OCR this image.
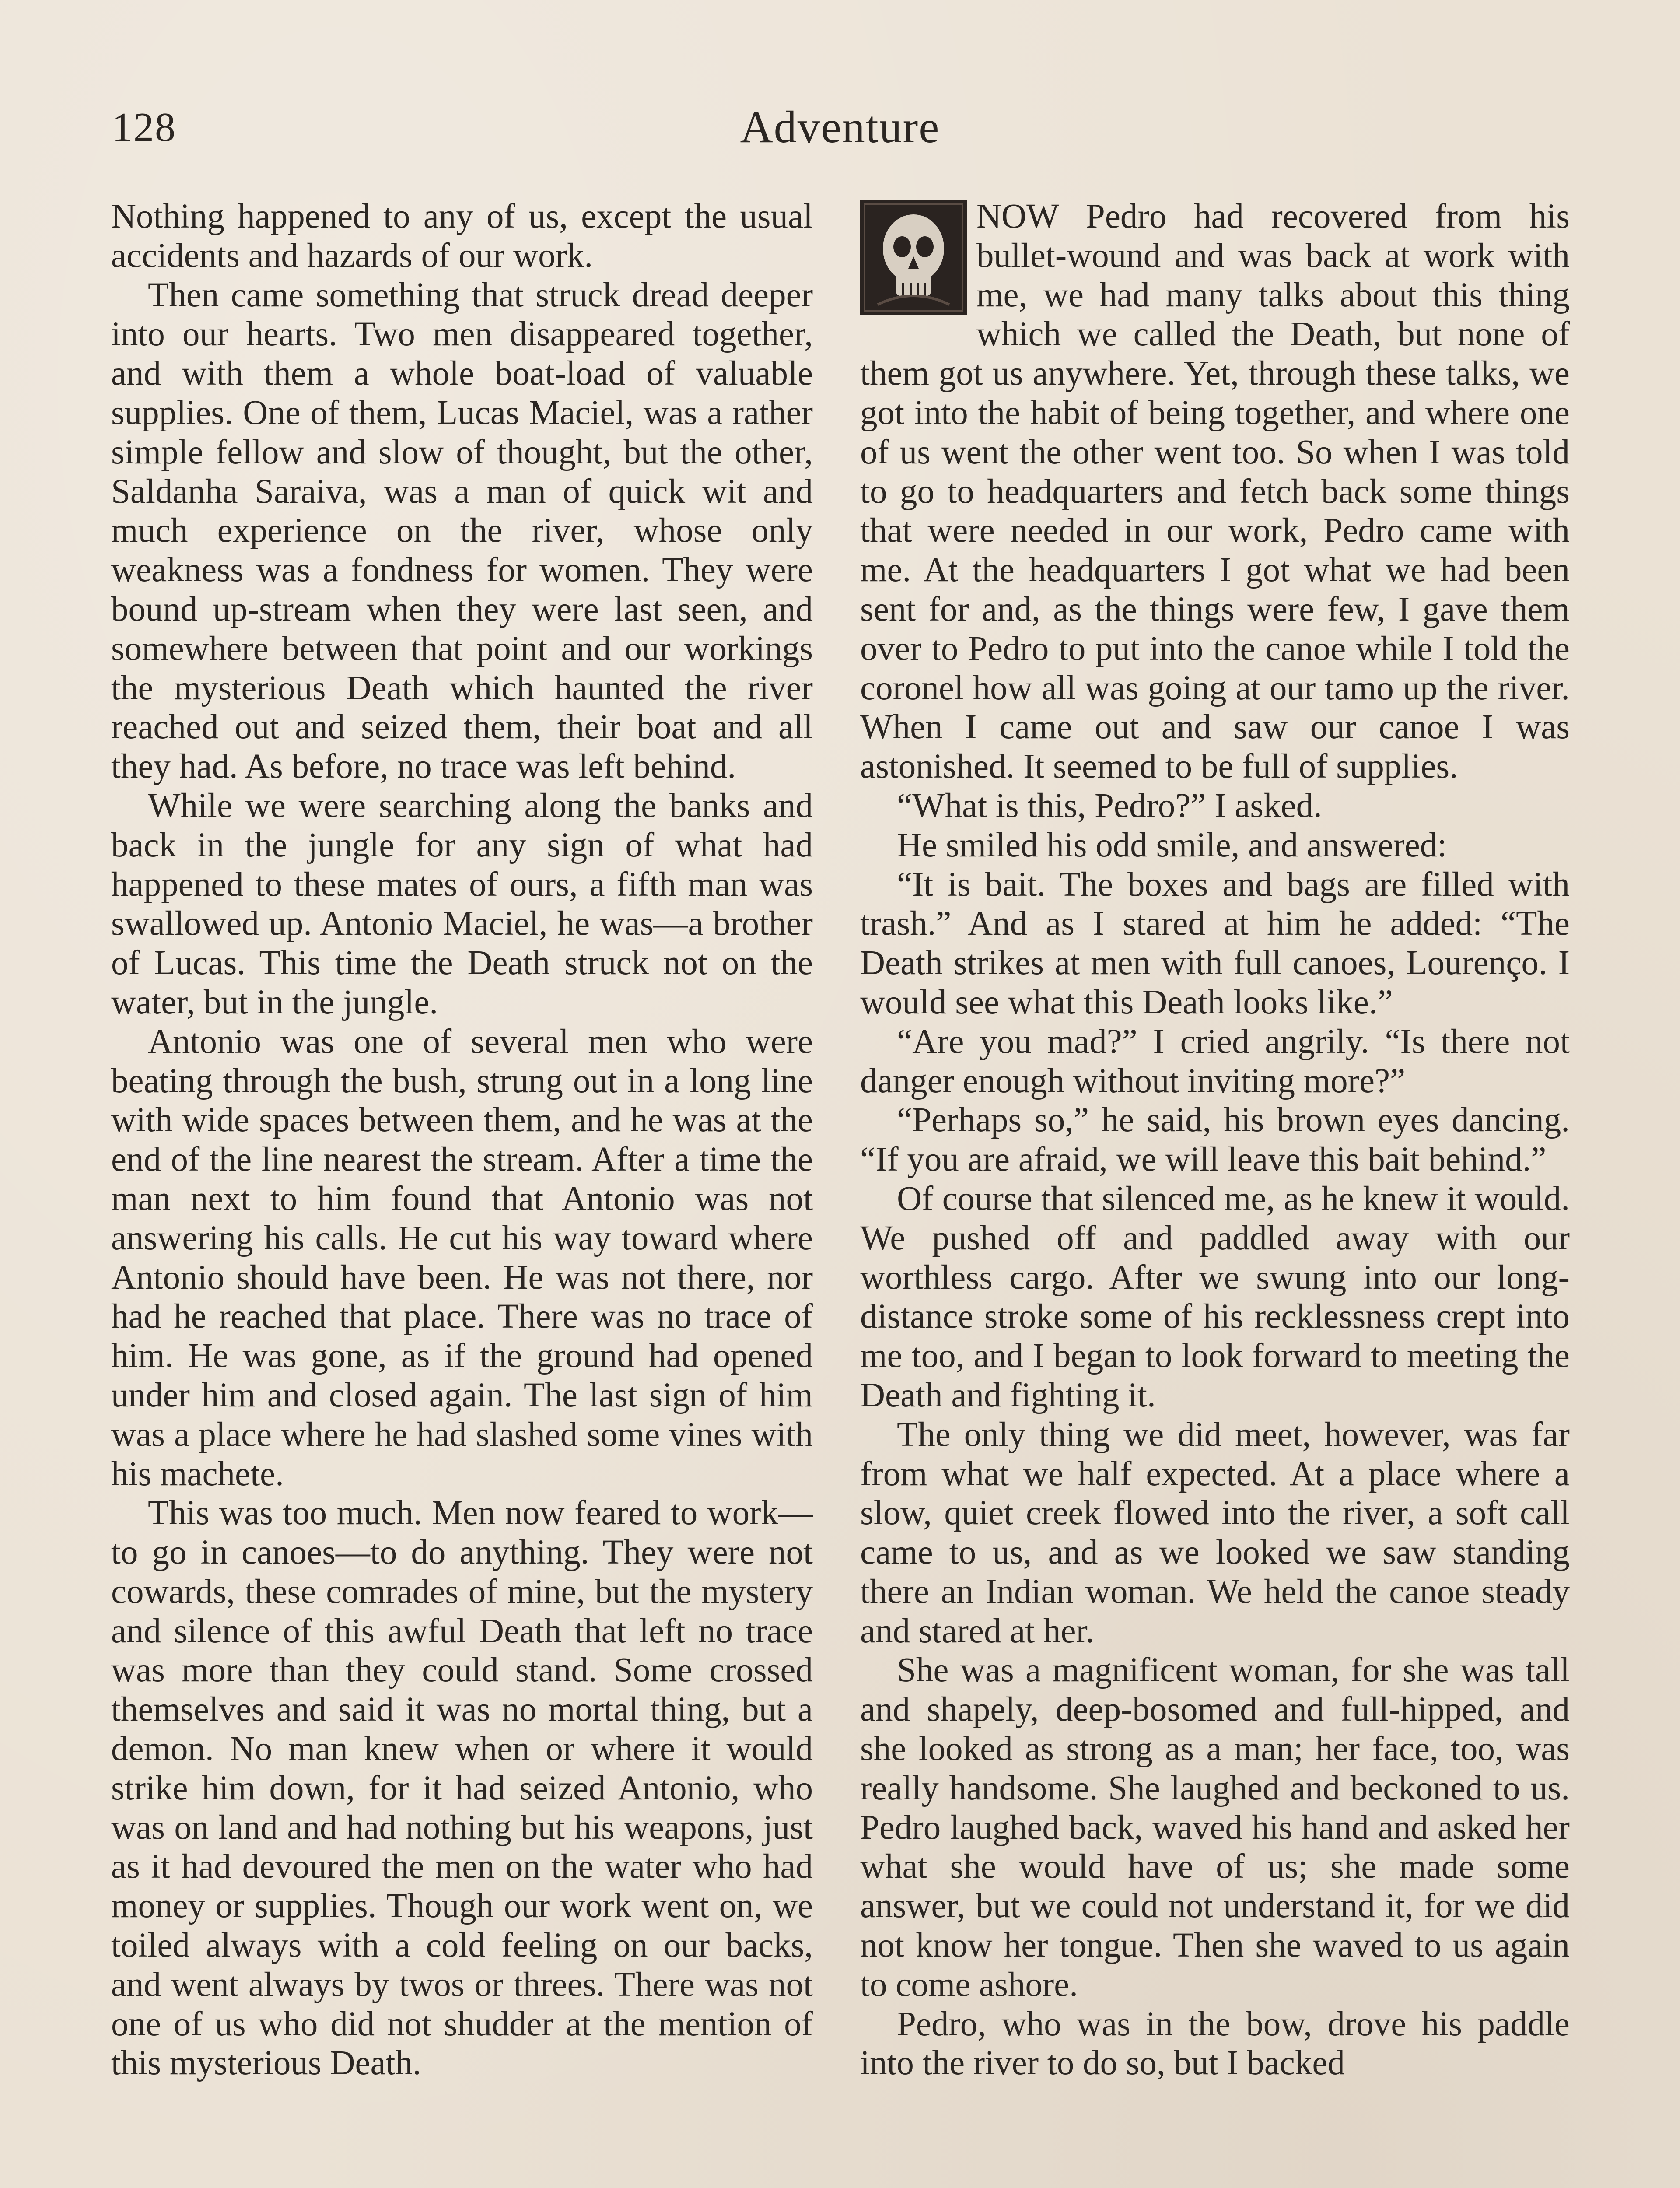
128	Adventure

Nothing happened to any of us, except the usual accidents and hazards of our work.

Then came something that struck dread deeper into our hearts. Two men disappeared together, and with them a whole boat-load of valuable supplies. One of them, Lucas Maciel, was a rather simple fellow and slow of thought, but the other, Saldanha Saraiva, was a man of quick wit and much experience on the river, whose only weakness was a fondness for women. They were bound up-stream when they were last seen, and somewhere between that point and our workings the mysterious Death which haunted the river reached out and seized them, their boat and all they had. As before, no trace was left behind.

While we were searching along the banks and back in the jungle for any sign of what had happened to these mates of ours, a fifth man was swallowed up. Antonio Maciel, he was—a brother of Lucas. This time the Death struck not on the water, but in the jungle.

Antonio was one of several men who were beating through the bush, strung out in a long line with wide spaces between them, and he was at the end of the line nearest the stream. After a time the man next to him found that Antonio was not answering his calls. He cut his way toward where Antonio should have been. He was not there, nor had he reached that place. There was no trace of him. He was gone, as if the ground had opened under him and closed again. The last sign of him was a place where he had slashed some vines with his machete.

This was too much. Men now feared to work—to go in canoes—to do anything. They were not cowards, these comrades of mine, but the mystery and silence of this awful Death that left no trace was more than they could stand. Some crossed themselves and said it was no mortal thing, but a demon. No man knew when or where it would strike him down, for it had seized Antonio, who was on land and had nothing but his weapons, just as it had devoured the men on the water who had money or supplies. Though our work went on, we toiled always with a cold feeling on our backs, and went always by twos or threes. There was not one of us who did not shudder at the mention of this mysterious Death.

NOW Pedro had recovered from his bullet-wound and was back at work with me, we had many talks about this thing which we called the Death, but none of them got us anywhere. Yet, through these talks, we got into the habit of being together, and where one of us went the other went too. So when I was told to go to headquarters and fetch back some things that were needed in our work, Pedro came with me. At the headquarters I got what we had been sent for and, as the things were few, I gave them over to Pedro to put into the canoe while I told the coronel how all was going at our tamo up the river. When I came out and saw our canoe I was astonished. It seemed to be full of supplies.

“What is this, Pedro?” I asked.

He smiled his odd smile, and answered:

“It is bait. The boxes and bags are filled with trash.” And as I stared at him he added: “The Death strikes at men with full canoes, Lourenço. I would see what this Death looks like.”

“Are you mad?” I cried angrily. “Is there not danger enough without inviting more?”

“Perhaps so,” he said, his brown eyes dancing. “If you are afraid, we will leave this bait behind.”

Of course that silenced me, as he knew it would. We pushed off and paddled away with our worthless cargo. After we swung into our long-distance stroke some of his recklessness crept into me too, and I began to look forward to meeting the Death and fighting it.

The only thing we did meet, however, was far from what we half expected. At a place where a slow, quiet creek flowed into the river, a soft call came to us, and as we looked we saw standing there an Indian woman. We held the canoe steady and stared at her.

She was a magnificent woman, for she was tall and shapely, deep-bosomed and full-hipped, and she looked as strong as a man; her face, too, was really handsome. She laughed and beckoned to us. Pedro laughed back, waved his hand and asked her what she would have of us; she made some answer, but we could not understand it, for we did not know her tongue. Then she waved to us again to come ashore.

Pedro, who was in the bow, drove his paddle into the river to do so, but I backed
